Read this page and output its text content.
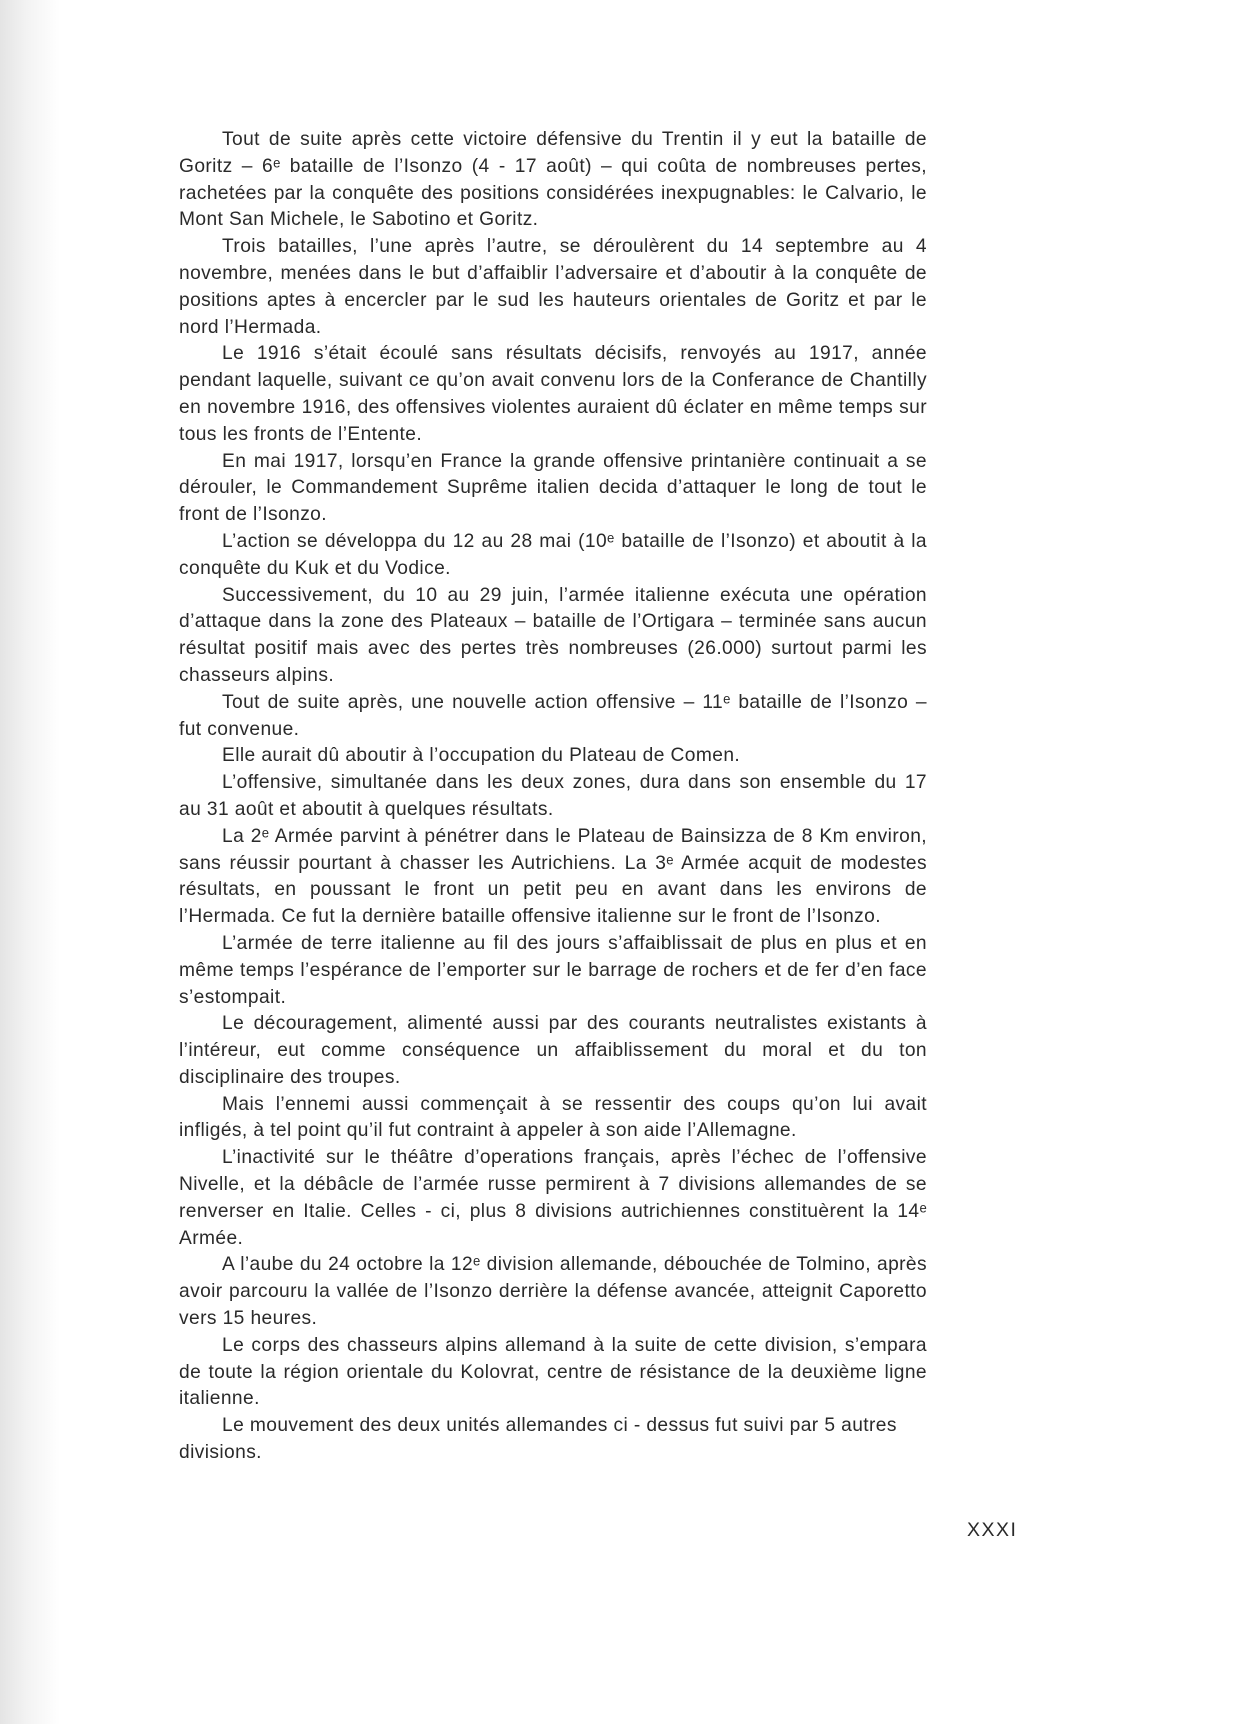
Tout de suite après cette victoire défensive du Trentin il y eut la bataille de Goritz – 6ᵉ bataille de l’Isonzo (4 - 17 août) – qui coûta de nombreuses pertes, rachetées par la conquête des positions considérées inexpugnables: le Calvario, le Mont San Michele, le Sabotino et Goritz.

Trois batailles, l’une après l’autre, se déroulèrent du 14 septembre au 4 novembre, menées dans le but d’affaiblir l’adversaire et d’aboutir à la conquête de positions aptes à encercler par le sud les hauteurs orientales de Goritz et par le nord l’Hermada.

Le 1916 s’était écoulé sans résultats décisifs, renvoyés au 1917, année pendant laquelle, suivant ce qu’on avait convenu lors de la Conferance de Chantilly en novembre 1916, des offensives violentes auraient dû éclater en même temps sur tous les fronts de l’Entente.

En mai 1917, lorsqu’en France la grande offensive printanière continuait a se dérouler, le Commandement Suprême italien decida d’attaquer le long de tout le front de l’Isonzo.

L’action se développa du 12 au 28 mai (10ᵉ bataille de l’Isonzo) et aboutit à la conquête du Kuk et du Vodice.

Successivement, du 10 au 29 juin, l’armée italienne exécuta une opération d’attaque dans la zone des Plateaux – bataille de l’Ortigara – terminée sans aucun résultat positif mais avec des pertes très nombreuses (26.000) surtout parmi les chasseurs alpins.

Tout de suite après, une nouvelle action offensive – 11ᵉ bataille de l’Isonzo – fut convenue.

Elle aurait dû aboutir à l’occupation du Plateau de Comen.

L’offensive, simultanée dans les deux zones, dura dans son ensemble du 17 au 31 août et aboutit à quelques résultats.

La 2ᵉ Armée parvint à pénétrer dans le Plateau de Bainsizza de 8 Km environ, sans réussir pourtant à chasser les Autrichiens. La 3ᵉ Armée acquit de modestes résultats, en poussant le front un petit peu en avant dans les environs de l’Hermada. Ce fut la dernière bataille offensive italienne sur le front de l’Isonzo.

L’armée de terre italienne au fil des jours s’affaiblissait de plus en plus et en même temps l’espérance de l’emporter sur le barrage de rochers et de fer d’en face s’estompait.

Le découragement, alimenté aussi par des courants neutralistes existants à l’intéreur, eut comme conséquence un affaiblissement du moral et du ton disciplinaire des troupes.

Mais l’ennemi aussi commençait à se ressentir des coups qu’on lui avait infligés, à tel point qu’il fut contraint à appeler à son aide l’Allemagne.

L’inactivité sur le théâtre d’operations français, après l’échec de l’offensive Nivelle, et la débâcle de l’armée russe permirent à 7 divisions allemandes de se renverser en Italie. Celles - ci, plus 8 divisions autrichiennes constituèrent la 14ᵉ Armée.

A l’aube du 24 octobre la 12ᵉ division allemande, débouchée de Tolmino, après avoir parcouru la vallée de l’Isonzo derrière la défense avancée, atteignit Caporetto vers 15 heures.

Le corps des chasseurs alpins allemand à la suite de cette division, s’empara de toute la région orientale du Kolovrat, centre de résistance de la deuxième ligne italienne.

Le mouvement des deux unités allemandes ci - dessus fut suivi par 5 autres divisions.

XXXI
